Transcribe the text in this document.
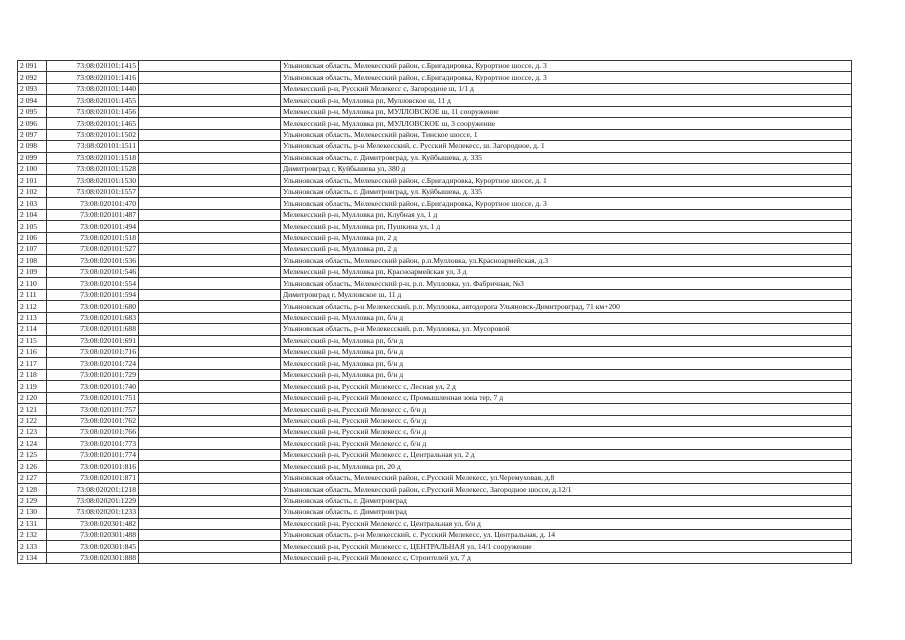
2 091	73:08:020101:1415		Ульяновская область, Мелекесский район, с.Бригадировка, Курортное шоссе, д. 3
2 092	73:08:020101:1416		Ульяновская область, Мелекесский район, с.Бригадировка, Курортное шоссе, д. 3
2 093	73:08:020101:1440		Мелекесский р-н, Русский Мелекесс с, Загородное ш, 1/1 д
2 094	73:08:020101:1455		Мелекесский р-н, Мулловка рп, Мулловское ш, 11 д
2 095	73:08:020101:1456		Мелекесский р-н, Мулловка рп, МУЛЛОВСКОЕ ш, 11 сооружение
2 096	73:08:020101:1465		Мелекесский р-н, Мулловка рп, МУЛЛОВСКОЕ ш, 3 сооружение
2 097	73:08:020101:1502		Ульяновская область, Мелекесский район, Тинское шоссе, 1
2 098	73:08:020101:1511		Ульяновская область, р-н Мелекесский, с. Русский Мелекесс, ш. Загородное, д. 1
2 099	73:08:020101:1518		Ульяновская область, г. Димитровград, ул. Куйбышева, д. 335
2 100	73:08:020101:1528		Димитровград г, Куйбышева ул, 380 д
2 101	73:08:020101:1530		Ульяновская область, Мелекесский район, с.Бригадировка, Курортное шоссе, д. 1
2 102	73:08:020101:1557		Ульяновская область, г. Димитровград, ул. Куйбышева, д. 335
2 103	73:08:020101:470		Ульяновская область, Мелекесский район, с.Бригадировка, Курортное шоссе, д. 3
2 104	73:08:020101:487		Мелекесский р-н, Мулловка рп, Клубная ул, 1 д
2 105	73:08:020101:494		Мелекесский р-н, Мулловка рп, Пушкина ул, 1 д
2 106	73:08:020101:518		Мелекесский р-н, Мулловка рп, 2 д
2 107	73:08:020101:527		Мелекесский р-н, Мулловка рп, 2 д
2 108	73:08:020101:536		Ульяновская область, Мелекесский район, р.п.Мулловка, ул.Красноармейская, д.3
2 109	73:08:020101:546		Мелекесский р-н, Мулловка рп, Красноармейская ул, 3 д
2 110	73:08:020101:554		Ульяновская область, Мелекесский р-н, р.п. Мулловка, ул. Фабричная, №3
2 111	73:08:020101:594		Димитровград г, Мулловское ш, 11 д
2 112	73:08:020101:680		Ульяновская область, р-н Мелекесский, р.п. Мулловка, автодорога Ульяновск-Димитровград, 71 км+200
2 113	73:08:020101:683		Мелекесский р-н, Мулловка рп, б/н д
2 114	73:08:020101:688		Ульяновская область, р-н Мелекесский, р.п. Мулловка, ул. Мусоровой
2 115	73:08:020101:691		Мелекесский р-н, Мулловка рп, б/н д
2 116	73:08:020101:716		Мелекесский р-н, Мулловка рп, б/н д
2 117	73:08:020101:724		Мелекесский р-н, Мулловка рп, б/н д
2 118	73:08:020101:729		Мелекесский р-н, Мулловка рп, б/н д
2 119	73:08:020101:740		Мелекесский р-н, Русский Мелекесс с, Лесная ул, 2 д
2 120	73:08:020101:751		Мелекесский р-н, Русский Мелекесс с, Промышленная зона тер, 7 д
2 121	73:08:020101:757		Мелекесский р-н, Русский Мелекесс с, б/н д
2 122	73:08:020101:762		Мелекесский р-н, Русский Мелекесс с, б/н д
2 123	73:08:020101:766		Мелекесский р-н, Русский Мелекесс с, б/н д
2 124	73:08:020101:773		Мелекесский р-н, Русский Мелекесс с, б/н д
2 125	73:08:020101:774		Мелекесский р-н, Русский Мелекесс с, Центральная ул, 2 д
2 126	73:08:020101:816		Мелекесский р-н, Мулловка рп, 20 д
2 127	73:08:020101:871		Ульяновская область, Мелекесский район, с.Русский Мелекесс, ул.Черемуховая, д.8
2 128	73:08:020201:1218		Ульяновская область, Мелекесский район, с.Русский Мелекесс, Загородное шоссе, д.12/1
2 129	73:08:020201:1229		Ульяновская область, г. Димитровград
2 130	73:08:020201:1233		Ульяновская область, г. Димитровград
2 131	73:08:020301:482		Мелекесский р-н, Русский Мелекесс с, Центральная ул, б/н д
2 132	73:08:020301:488		Ульяновская область, р-н Мелекесский, с. Русский Мелекесс, ул. Центральная, д. 14
2 133	73:08:020301:845		Мелекесский р-н, Русский Мелекесс с, ЦЕНТРАЛЬНАЯ ул, 14/1 сооружение
2 134	73:08:020301:888		Мелекесский р-н, Русский Мелекесс с, Строителей ул, 7 д
